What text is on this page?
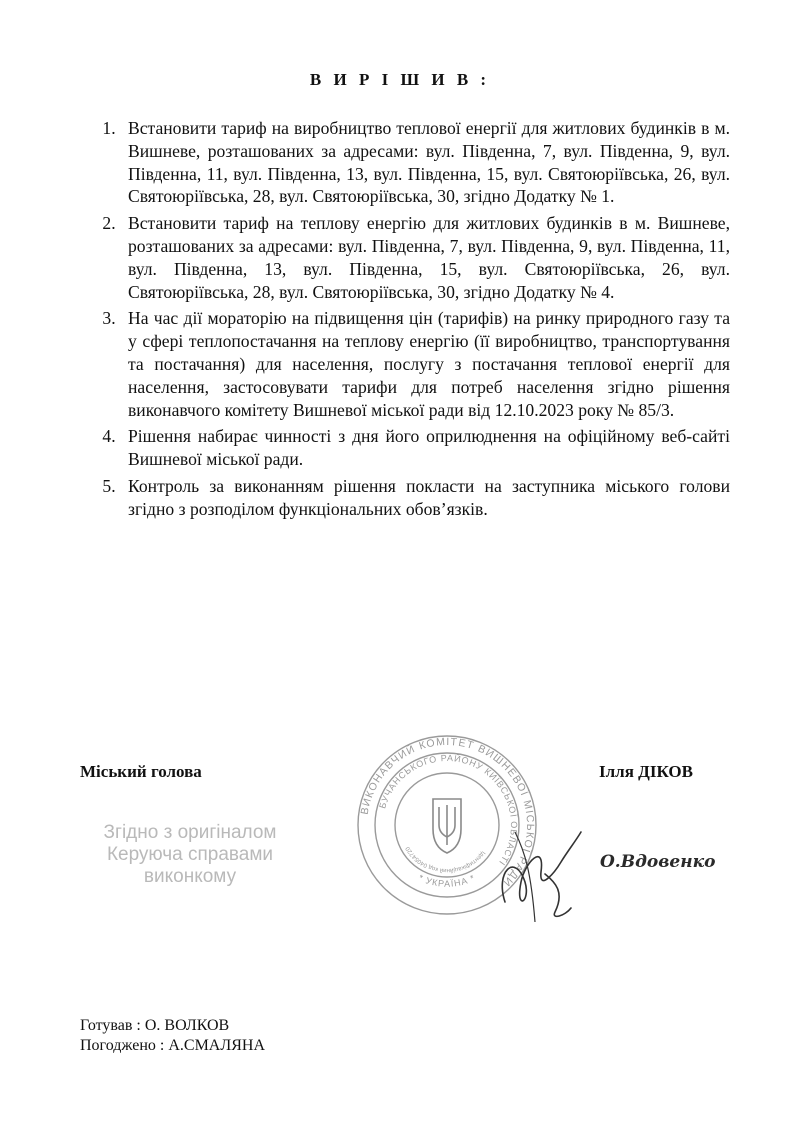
В И Р І Ш И В :
1. Встановити тариф на виробництво теплової енергії для житлових будинків в м. Вишневе, розташованих за адресами: вул. Південна, 7, вул. Південна, 9, вул. Південна, 11, вул. Південна, 13, вул. Південна, 15, вул. Святоюріївська, 26, вул. Святоюріївська, 28, вул. Святоюріївська, 30, згідно Додатку № 1.
2. Встановити тариф на теплову енергію для житлових будинків в м. Вишневе, розташованих за адресами: вул. Південна, 7, вул. Південна, 9, вул. Південна, 11, вул. Південна, 13, вул. Південна, 15, вул. Святоюріївська, 26, вул. Святоюріївська, 28, вул. Святоюріївська, 30, згідно Додатку № 4.
3. На час дії мораторію на підвищення цін (тарифів) на ринку природного газу та у сфері теплопостачання на теплову енергію (її виробництво, транспортування та постачання) для населення, послугу з постачання теплової енергії для населення, застосовувати тарифи для потреб населення згідно рішення виконавчого комітету Вишневої міської ради від 12.10.2023 року № 85/3.
4. Рішення набирає чинності з дня його оприлюднення на офіційному веб-сайті Вишневої міської ради.
5. Контроль за виконанням рішення покласти на заступника міського голови згідно з розподілом функціональних обов’язків.
Міський голова	Ілля ДІКОВ
ВИКОНАВЧИЙ КОМІТЕТ ВИШНЕВОЇ МІСЬКОЇ РАДИ
БУЧАНСЬКОГО РАЙОНУ КИЇВСЬКОЇ ОБЛАСТІ
* УКРАЇНА *
Ідентифікаційний код 04054720
Згідно з оригіналом
Керуюча справами
виконкому
О.Вдовенко
Готував : О. ВОЛКОВ
Погоджено : А.СМАЛЯНА
